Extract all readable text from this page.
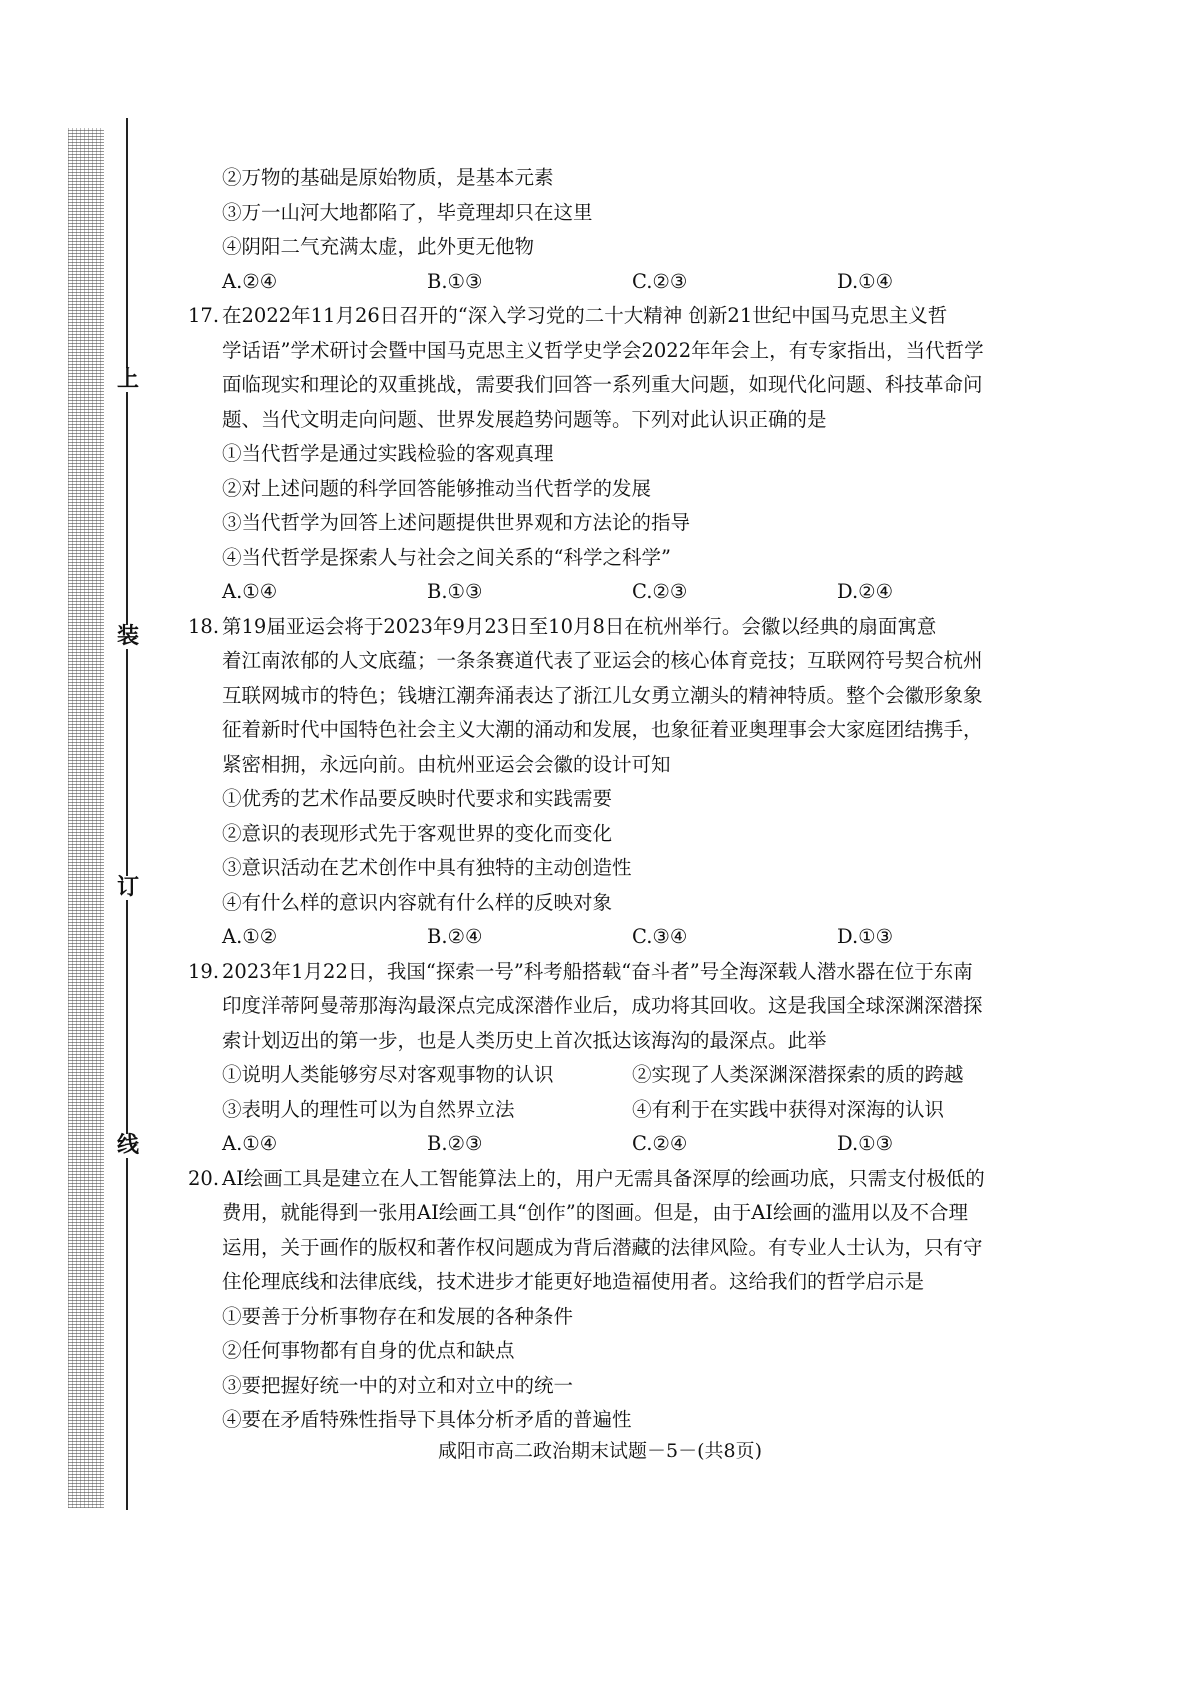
上
装
订
线

②万物的基础是原始物质，是基本元素

③万一山河大地都陷了，毕竟理却只在这里

④阴阳二气充满太虚，此外更无他物

A.②④	B.①③	C.②③	D.①④
17. 在2022年11月26日召开的“深入学习党的二十大精神 创新21世纪中国马克思主义哲

学话语”学术研讨会暨中国马克思主义哲学史学会2022年年会上，有专家指出，当代哲学

面临现实和理论的双重挑战，需要我们回答一系列重大问题，如现代化问题、科技革命问

题、当代文明走向问题、世界发展趋势问题等。下列对此认识正确的是

①当代哲学是通过实践检验的客观真理

②对上述问题的科学回答能够推动当代哲学的发展

③当代哲学为回答上述问题提供世界观和方法论的指导

④当代哲学是探索人与社会之间关系的“科学之科学”

A.①④	B.①③	C.②③	D.②④
18. 第19届亚运会将于2023年9月23日至10月8日在杭州举行。会徽以经典的扇面寓意

着江南浓郁的人文底蕴；一条条赛道代表了亚运会的核心体育竞技；互联网符号契合杭州

互联网城市的特色；钱塘江潮奔涌表达了浙江儿女勇立潮头的精神特质。整个会徽形象象

征着新时代中国特色社会主义大潮的涌动和发展，也象征着亚奥理事会大家庭团结携手，

紧密相拥，永远向前。由杭州亚运会会徽的设计可知

①优秀的艺术作品要反映时代要求和实践需要

②意识的表现形式先于客观世界的变化而变化

③意识活动在艺术创作中具有独特的主动创造性

④有什么样的意识内容就有什么样的反映对象

A.①②	B.②④	C.③④	D.①③
19. 2023年1月22日，我国“探索一号”科考船搭载“奋斗者”号全海深载人潜水器在位于东南

印度洋蒂阿曼蒂那海沟最深点完成深潜作业后，成功将其回收。这是我国全球深渊深潜探

索计划迈出的第一步，也是人类历史上首次抵达该海沟的最深点。此举

①说明人类能够穷尽对客观事物的认识	②实现了人类深渊深潜探索的质的跨越
③表明人的理性可以为自然界立法	④有利于在实践中获得对深海的认识
A.①④	B.②③	C.②④	D.①③
20. AI绘画工具是建立在人工智能算法上的，用户无需具备深厚的绘画功底，只需支付极低的

费用，就能得到一张用AI绘画工具“创作”的图画。但是，由于AI绘画的滥用以及不合理

运用，关于画作的版权和著作权问题成为背后潜藏的法律风险。有专业人士认为，只有守

住伦理底线和法律底线，技术进步才能更好地造福使用者。这给我们的哲学启示是

①要善于分析事物存在和发展的各种条件

②任何事物都有自身的优点和缺点

③要把握好统一中的对立和对立中的统一

④要在矛盾特殊性指导下具体分析矛盾的普遍性

咸阳市高二政治期末试题－5－(共8页)
